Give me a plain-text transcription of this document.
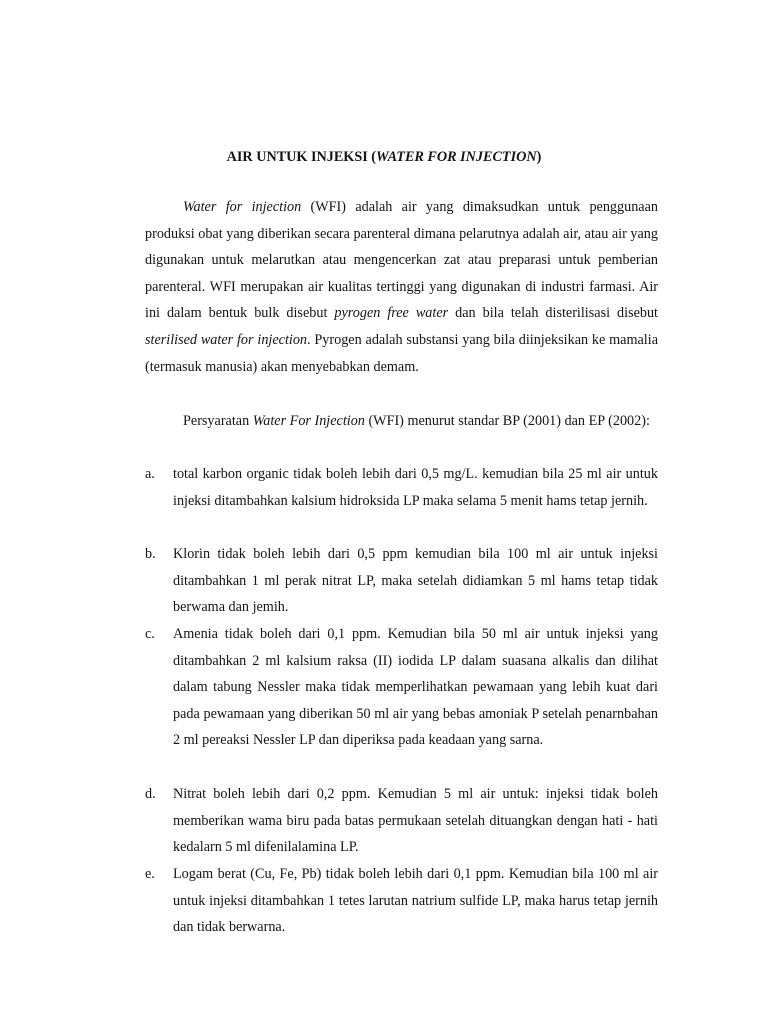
AIR UNTUK INJEKSI (WATER FOR INJECTION)

Water for injection (WFI) adalah air yang dimaksudkan untuk penggunaan produksi obat yang diberikan secara parenteral dimana pelarutnya adalah air, atau air yang digunakan untuk melarutkan atau mengencerkan zat atau preparasi untuk pemberian parenteral. WFI merupakan air kualitas tertinggi yang digunakan di industri farmasi. Air ini dalam bentuk bulk disebut pyrogen free water dan bila telah disterilisasi disebut sterilised water for injection. Pyrogen adalah substansi yang bila diinjeksikan ke mamalia (termasuk manusia) akan menyebabkan demam.

Persyaratan Water For Injection (WFI) menurut standar BP (2001) dan EP (2002):

a. total karbon organic tidak boleh lebih dari 0,5 mg/L. kemudian bila 25 ml air untuk injeksi ditambahkan kalsium hidroksida LP maka selama 5 menit hams tetap jernih.
b. Klorin tidak boleh lebih dari 0,5 ppm kemudian bila 100 ml air untuk injeksi ditambahkan 1 ml perak nitrat LP, maka setelah didiamkan 5 ml hams tetap tidak berwama dan jemih.
c. Amenia tidak boleh dari 0,1 ppm. Kemudian bila 50 ml air untuk injeksi yang ditambahkan 2 ml kalsium raksa (II) iodida LP dalam suasana alkalis dan dilihat dalam tabung Nessler maka tidak memperlihatkan pewamaan yang lebih kuat dari pada pewamaan yang diberikan 50 ml air yang bebas amoniak P setelah penarnbahan 2 ml pereaksi Nessler LP dan diperiksa pada keadaan yang sarna.
d. Nitrat boleh lebih dari 0,2 ppm. Kemudian 5 ml air untuk: injeksi tidak boleh memberikan wama biru pada batas permukaan setelah dituangkan dengan hati - hati kedalarn 5 ml difenilalamina LP.
e. Logam berat (Cu, Fe, Pb) tidak boleh lebih dari 0,1 ppm. Kemudian bila 100 ml air untuk injeksi ditambahkan 1 tetes larutan natrium sulfide LP, maka harus tetap jernih dan tidak berwarna.
